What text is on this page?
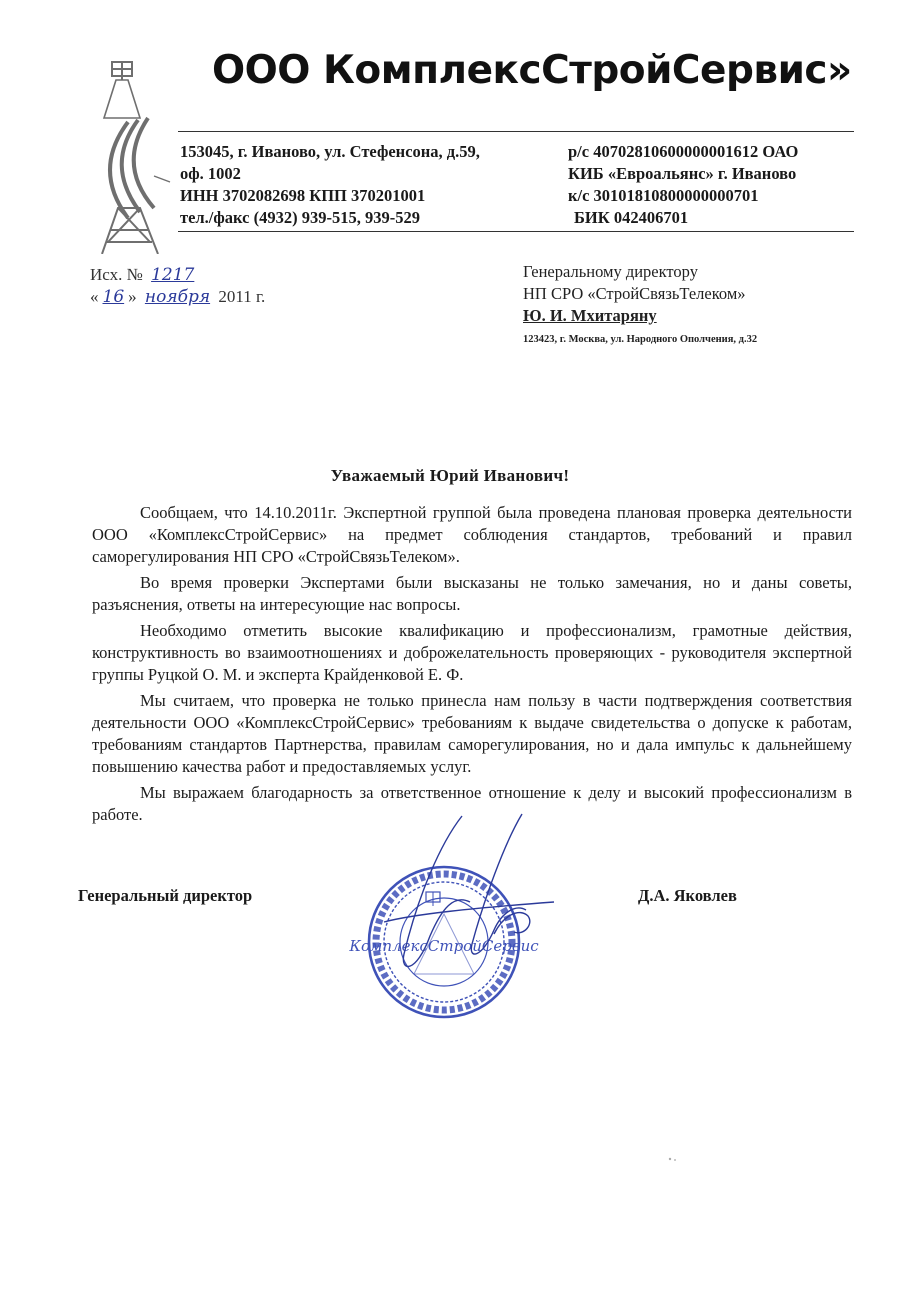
ООО КомплексСтройСервис»
153045, г. Иваново, ул. Стефенсона, д.59,
оф. 1002
ИНН 3702082698 КПП 370201001
тел./факс (4932) 939-515, 939-529
р/с 40702810600000001612 ОАО
КИБ «Евроальянс» г. Иваново
к/с 30101810800000000701
БИК 042406701
Исх. № 1217
« 16 » ноября 2011 г.
Генеральному директору
НП СРО «СтройСвязьТелеком»
Ю. И. Мхитаряну
123423, г. Москва, ул. Народного Ополчения, д.32
Уважаемый Юрий Иванович!

Сообщаем, что 14.10.2011г. Экспертной группой была проведена плановая проверка деятельности ООО «КомплексСтройСервис» на предмет соблюдения стандартов, требований и правил саморегулирования НП СРО «СтройСвязьТелеком».

Во время проверки Экспертами были высказаны не только замечания, но и даны советы, разъяснения, ответы на интересующие нас вопросы.

Необходимо отметить высокие квалификацию и профессионализм, грамотные действия, конструктивность во взаимоотношениях и доброжелательность проверяющих - руководителя экспертной группы Руцкой О. М. и эксперта Крайденковой Е. Ф.

Мы считаем, что проверка не только принесла нам пользу в части подтверждения соответствия деятельности ООО «КомплексСтройСервис» требованиям к выдаче свидетельства о допуске к работам, требованиям стандартов Партнерства, правилам саморегулирования, но и дала импульс к дальнейшему повышению качества работ и предоставляемых услуг.

Мы выражаем благодарность за ответственное отношение к делу и высокий профессионализм в работе.

Генеральный директор
КомплексСтройСервис
Д.А. Яковлев
